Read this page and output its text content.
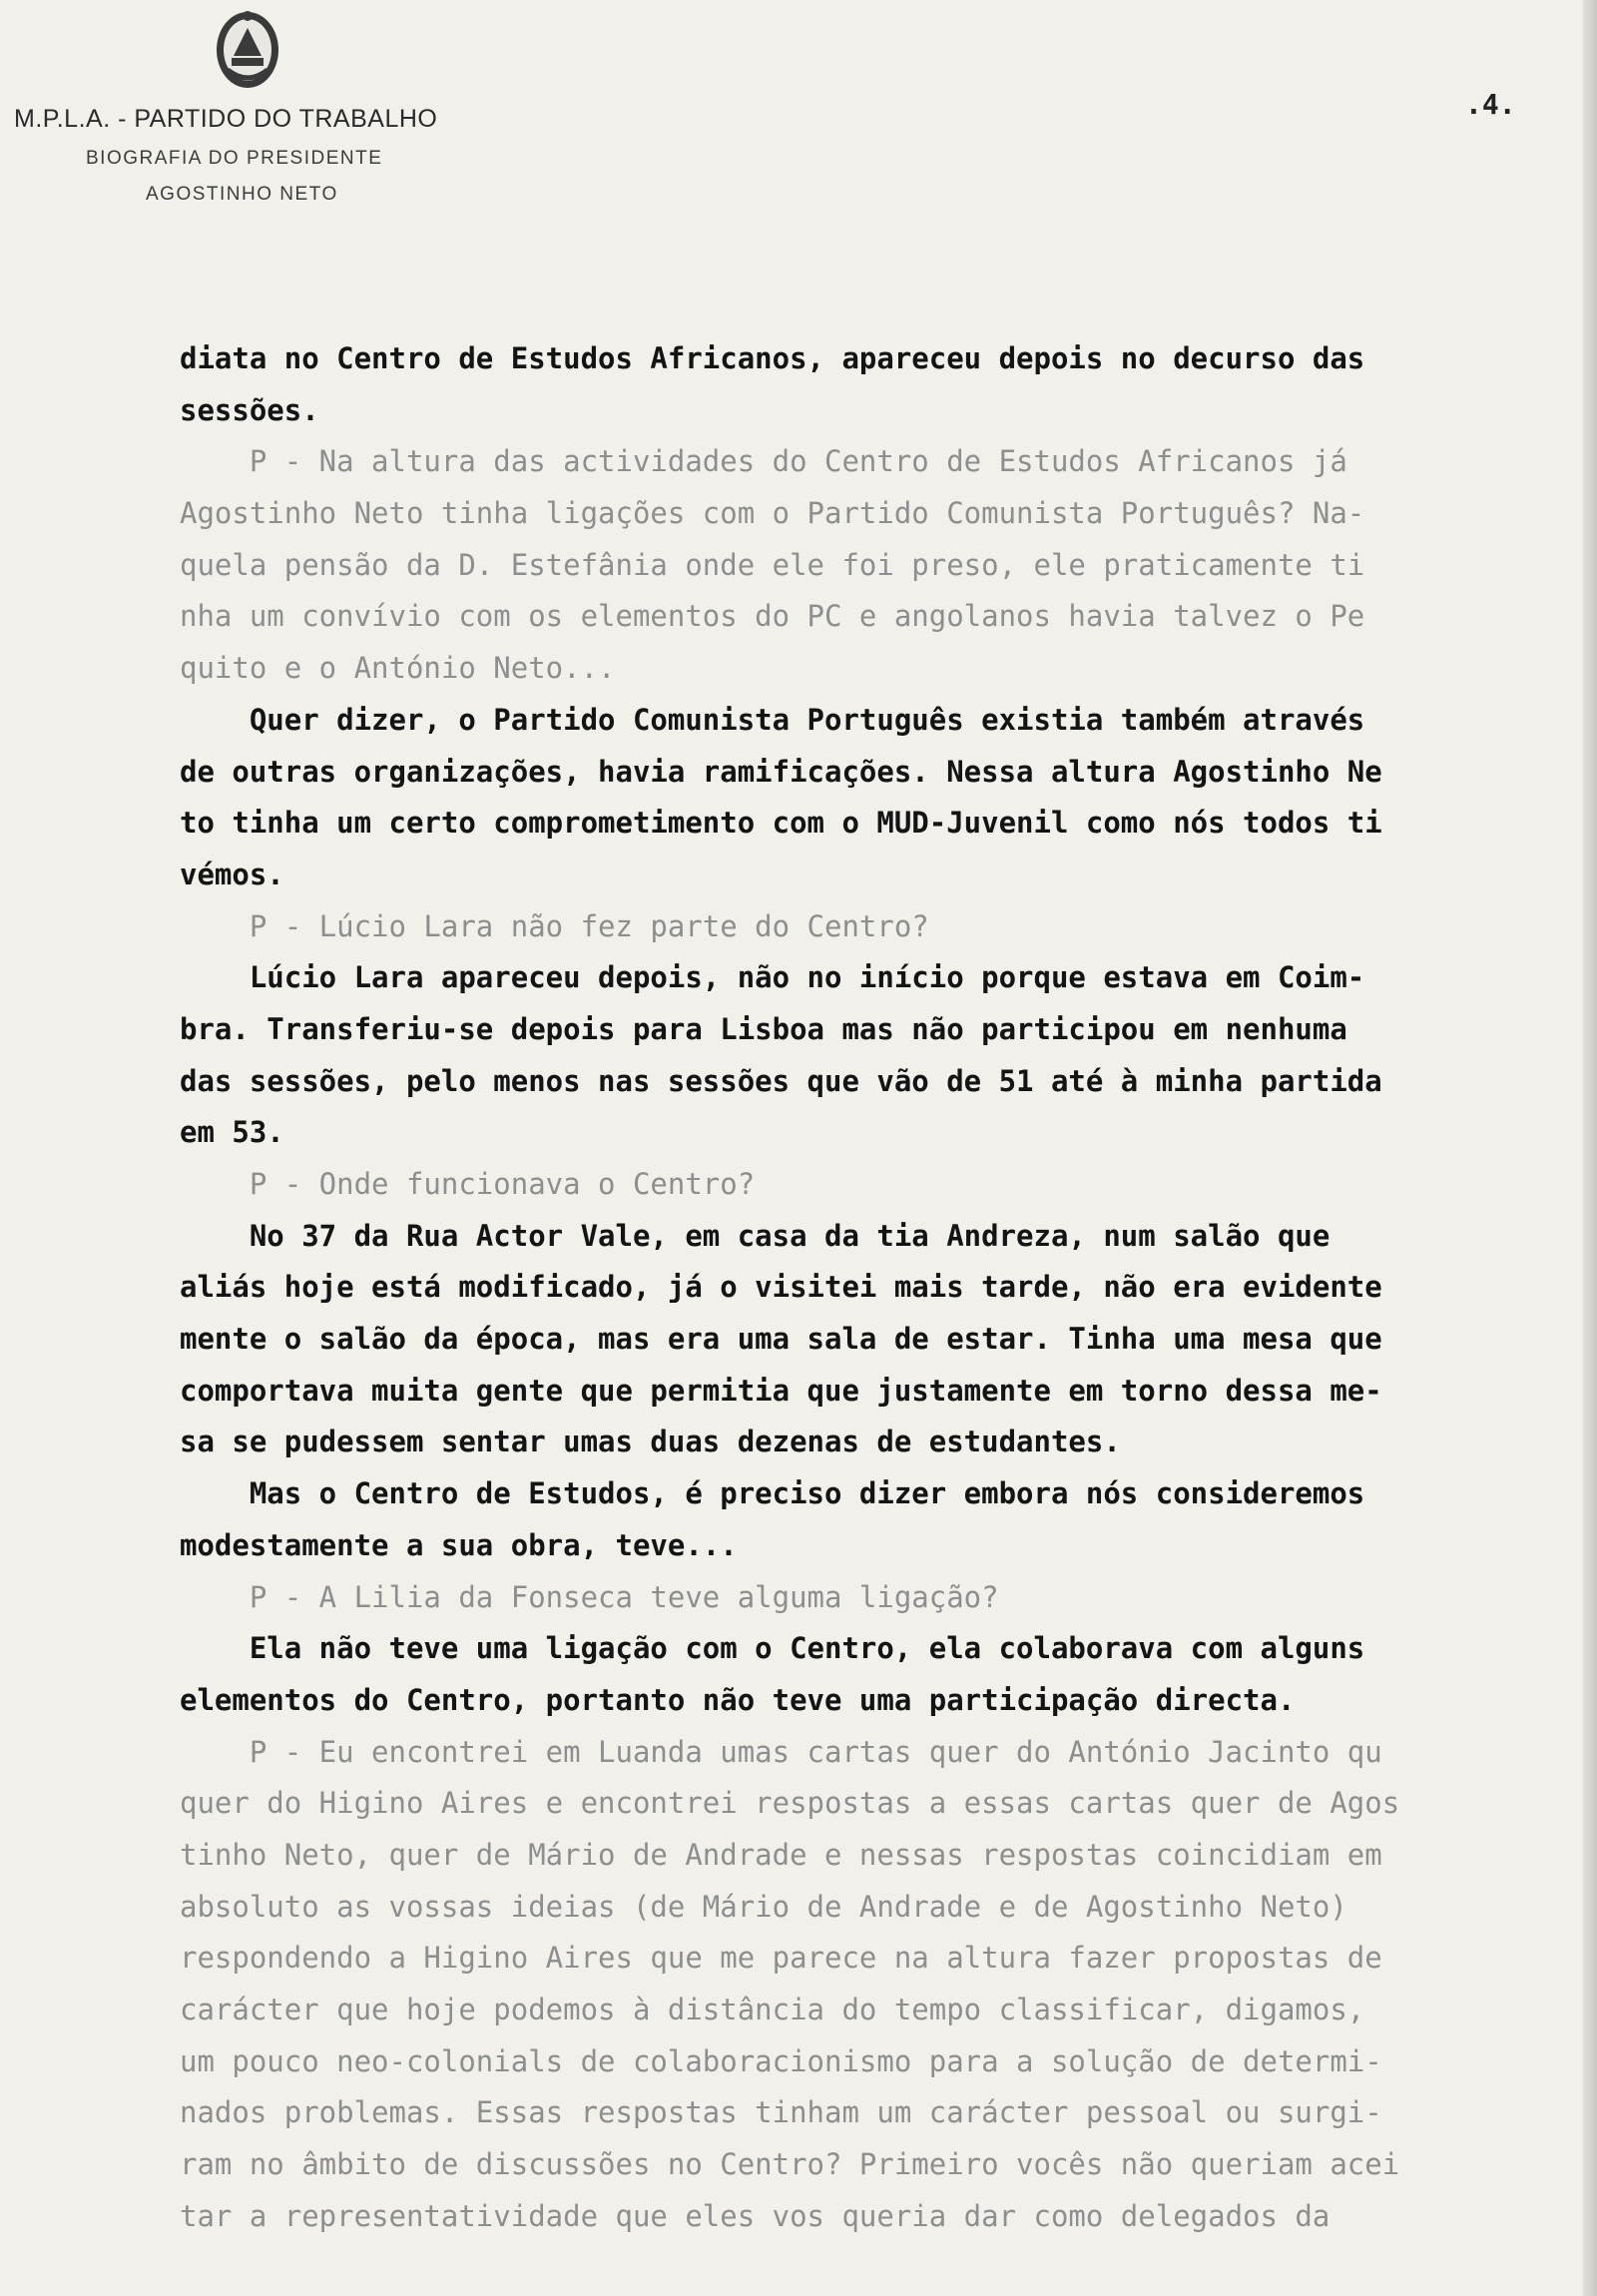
M.P.L.A. - PARTIDO DO TRABALHO
BIOGRAFIA DO PRESIDENTE
AGOSTINHO NETO
.4.
diata no Centro de Estudos Africanos, apareceu depois no decurso das
sessões.
P - Na altura das actividades do Centro de Estudos Africanos já
Agostinho Neto tinha ligações com o Partido Comunista Português? Na-
quela pensão da D. Estefânia onde ele foi preso, ele praticamente ti
nha um convívio com os elementos do PC e angolanos havia talvez o Pe
quito e o António Neto...
Quer dizer, o Partido Comunista Português existia também através
de outras organizações, havia ramificações. Nessa altura Agostinho Ne
to tinha um certo comprometimento com o MUD-Juvenil como nós todos ti
vémos.
P - Lúcio Lara não fez parte do Centro?
Lúcio Lara apareceu depois, não no início porque estava em Coim-
bra. Transferiu-se depois para Lisboa mas não participou em nenhuma
das sessões, pelo menos nas sessões que vão de 51 até à minha partida
em 53.
P - Onde funcionava o Centro?
No 37 da Rua Actor Vale, em casa da tia Andreza, num salão que
aliás hoje está modificado, já o visitei mais tarde, não era evidente
mente o salão da época, mas era uma sala de estar. Tinha uma mesa que
comportava muita gente que permitia que justamente em torno dessa me-
sa se pudessem sentar umas duas dezenas de estudantes.
Mas o Centro de Estudos, é preciso dizer embora nós consideremos
modestamente a sua obra, teve...
P - A Lilia da Fonseca teve alguma ligação?
Ela não teve uma ligação com o Centro, ela colaborava com alguns
elementos do Centro, portanto não teve uma participação directa.
P - Eu encontrei em Luanda umas cartas quer do António Jacinto qu
quer do Higino Aires e encontrei respostas a essas cartas quer de Agos
tinho Neto, quer de Mário de Andrade e nessas respostas coincidiam em
absoluto as vossas ideias (de Mário de Andrade e de Agostinho Neto)
respondendo a Higino Aires que me parece na altura fazer propostas de
carácter que hoje podemos à distância do tempo classificar, digamos,
um pouco neo-colonials de colaboracionismo para a solução de determi-
nados problemas. Essas respostas tinham um carácter pessoal ou surgi-
ram no âmbito de discussões no Centro? Primeiro vocês não queriam acei
tar a representatividade que eles vos queria dar como delegados da
